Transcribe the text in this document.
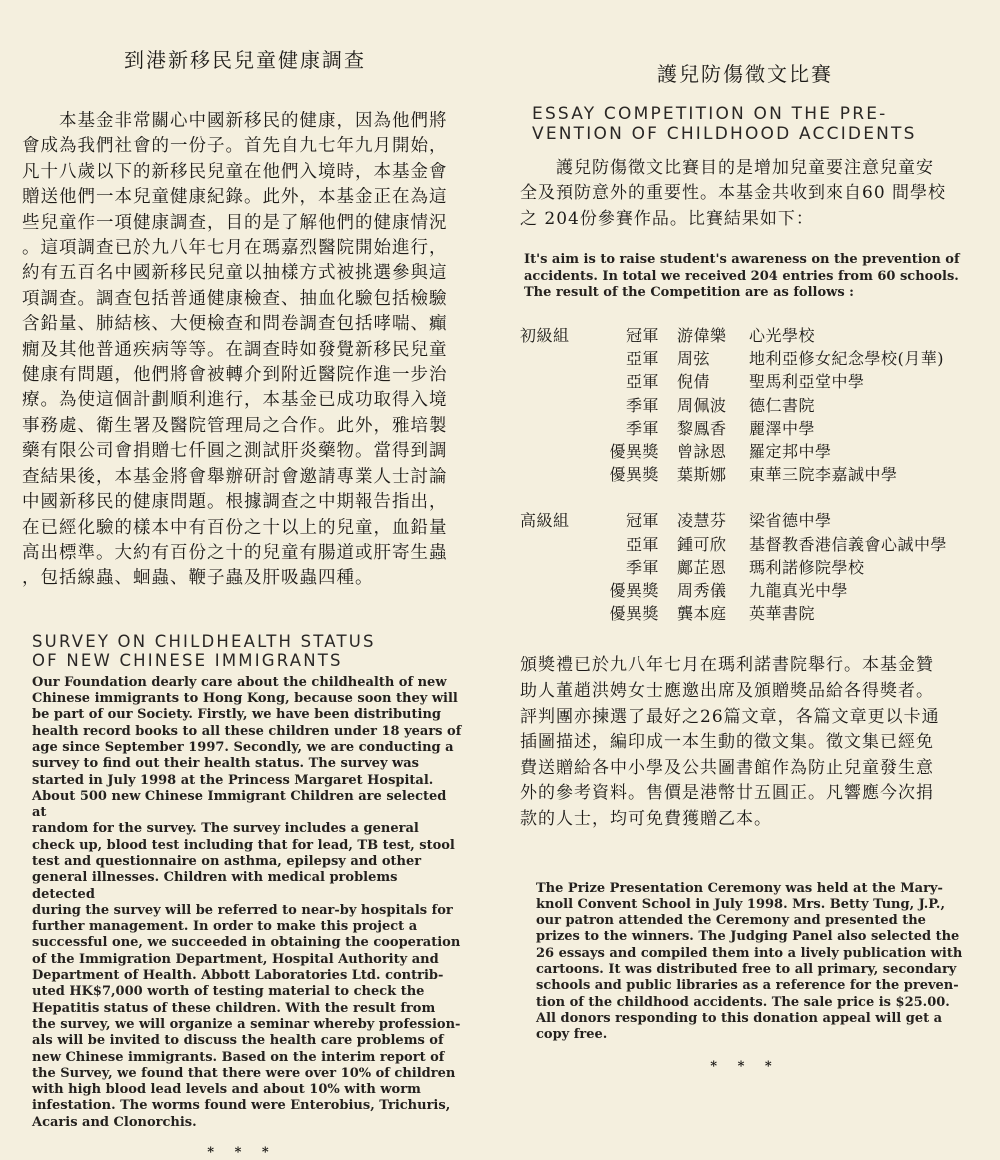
到港新移民兒童健康調查

　　本基金非常關心中國新移民的健康，因為他們將
會成為我們社會的一份子。首先自九七年九月開始，
凡十八歲以下的新移民兒童在他們入境時，本基金會
贈送他們一本兒童健康紀錄。此外，本基金正在為這
些兒童作一項健康調查，目的是了解他們的健康情況
。這項調查已於九八年七月在瑪嘉烈醫院開始進行，
約有五百名中國新移民兒童以抽樣方式被挑選參與這
項調查。調查包括普通健康檢查、抽血化驗包括檢驗
含鉛量、肺結核、大便檢查和問卷調查包括哮喘、癲
癇及其他普通疾病等等。在調查時如發覺新移民兒童
健康有問題，他們將會被轉介到附近醫院作進一步治
療。為使這個計劃順利進行，本基金已成功取得入境
事務處、衛生署及醫院管理局之合作。此外，雅培製
藥有限公司會捐贈七仟圓之測試肝炎藥物。當得到調
查結果後，本基金將會舉辦研討會邀請專業人士討論
中國新移民的健康問題。根據調查之中期報告指出，
在已經化驗的樣本中有百份之十以上的兒童，血鉛量
高出標準。大約有百份之十的兒童有腸道或肝寄生蟲
，包括線蟲、蛔蟲、鞭子蟲及肝吸蟲四種。

SURVEY ON CHILDHEALTH STATUS
OF NEW CHINESE IMMIGRANTS

Our Foundation dearly care about the childhealth of new
Chinese immigrants to Hong Kong, because soon they will
be part of our Society. Firstly, we have been distributing
health record books to all these children under 18 years of
age since September 1997. Secondly, we are conducting a
survey to find out their health status. The survey was
started in July 1998 at the Princess Margaret Hospital.
About 500 new Chinese Immigrant Children are selected at
random for the survey. The survey includes a general
check up, blood test including that for lead, TB test, stool
test and questionnaire on asthma, epilepsy and other
general illnesses. Children with medical problems detected
during the survey will be referred to near-by hospitals for
further management. In order to make this project a
successful one, we succeeded in obtaining the cooperation
of the Immigration Department, Hospital Authority and
Department of Health. Abbott Laboratories Ltd. contrib-
uted HK$7,000 worth of testing material to check the
Hepatitis status of these children. With the result from
the survey, we will organize a seminar whereby profession-
als will be invited to discuss the health care problems of
new Chinese immigrants. Based on the interim report of
the Survey, we found that there were over 10% of children
with high blood lead levels and about 10% with worm
infestation. The worms found were Enterobius, Trichuris,
Acaris and Clonorchis.

* * *
護兒防傷徵文比賽

ESSAY COMPETITION ON THE PRE-
VENTION OF CHILDHOOD ACCIDENTS

　　護兒防傷徵文比賽目的是增加兒童要注意兒童安
全及預防意外的重要性。本基金共收到來自60 間學校
之 204份參賽作品。比賽結果如下：

It's aim is to raise student's awareness on the prevention of
accidents. In total we received 204 entries from 60 schools.
The result of the Competition are as follows :

初級組	冠軍	游偉樂	心光學校
亞軍	周弦	地利亞修女紀念學校(月華)
亞軍	倪倩	聖馬利亞堂中學
季軍	周佩波	德仁書院
季軍	黎鳳香	麗澤中學
優異獎	曾詠恩	羅定邦中學
優異獎	葉斯娜	東華三院李嘉誠中學
高級組	冠軍	凌慧芬	梁省德中學
亞軍	鍾可欣	基督教香港信義會心誠中學
季軍	鄺芷恩	瑪利諾修院學校
優異獎	周秀儀	九龍真光中學
優異獎	龔本庭	英華書院

頒獎禮已於九八年七月在瑪利諾書院舉行。本基金贊
助人董趙洪娉女士應邀出席及頒贈獎品給各得獎者。
評判團亦揀選了最好之26篇文章，各篇文章更以卡通
插圖描述，編印成一本生動的徵文集。徵文集已經免
費送贈給各中小學及公共圖書館作為防止兒童發生意
外的參考資料。售價是港幣廿五圓正。凡響應今次捐
款的人士，均可免費獲贈乙本。

The Prize Presentation Ceremony was held at the Mary-
knoll Convent School in July 1998. Mrs. Betty Tung, J.P.,
our patron attended the Ceremony and presented the
prizes to the winners. The Judging Panel also selected the
26 essays and compiled them into a lively publication with
cartoons. It was distributed free to all primary, secondary
schools and public libraries as a reference for the preven-
tion of the childhood accidents. The sale price is $25.00.
All donors responding to this donation appeal will get a
copy free.

* * *
